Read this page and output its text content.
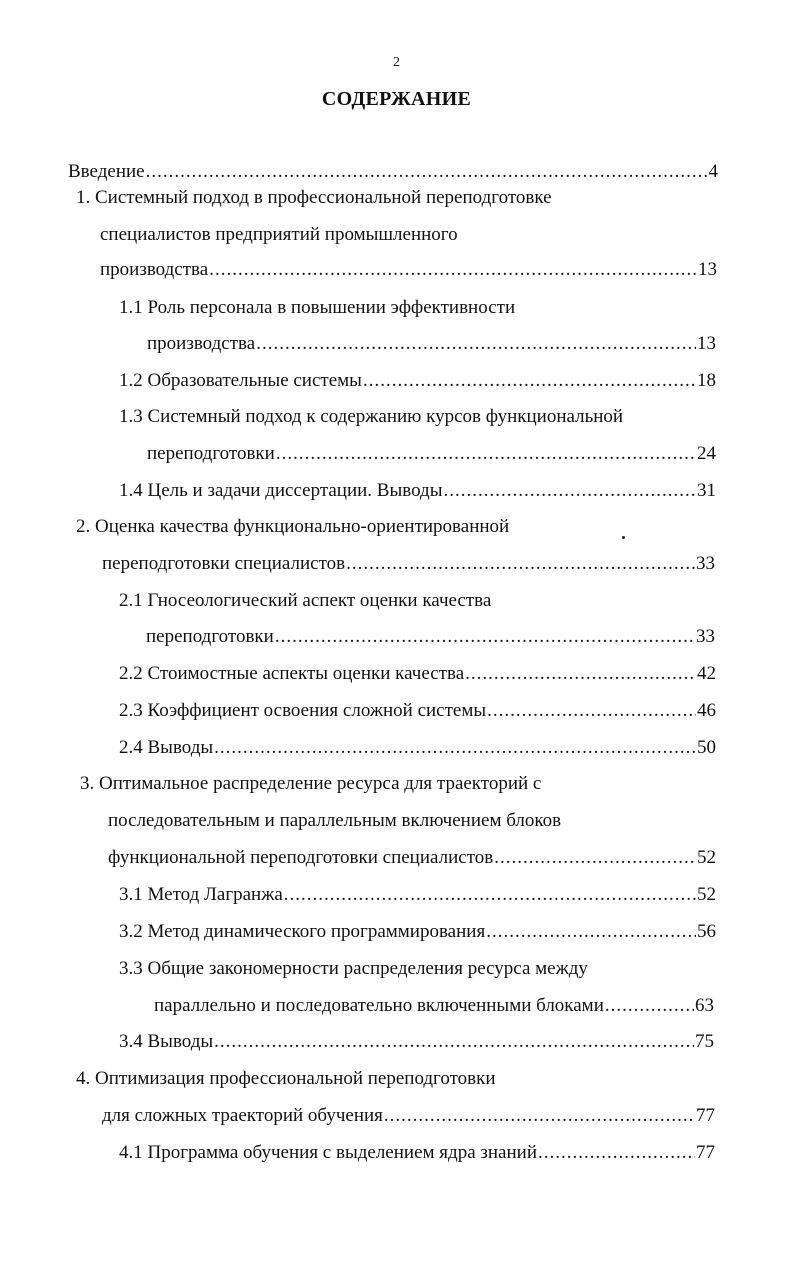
2
СОДЕРЖАНИЕ
Введение .....	4
1. Системный подход в профессиональной переподготовке
специалистов предприятий промышленного
производства .....	13
1.1 Роль персонала в повышении эффективности
производства .....	13
1.2 Образовательные системы .....	18
1.3 Системный подход к содержанию курсов функциональной
переподготовки .....	24
1.4 Цель и задачи диссертации. Выводы .....	31
2. Оценка качества функционально-ориентированной
переподготовки специалистов .....	33
2.1 Гносеологический аспект оценки качества
переподготовки .....	33
2.2 Стоимостные аспекты оценки качества .....	42
2.3 Коэффициент освоения сложной системы .....	46
2.4 Выводы .....	50
3. Оптимальное распределение ресурса для траекторий с
последовательным и параллельным включением блоков
функциональной переподготовки специалистов .....	52
3.1 Метод Лагранжа .....	52
3.2 Метод динамического программирования .....	56
3.3 Общие закономерности распределения ресурса между
параллельно и последовательно включенными блоками .....	63
3.4 Выводы .....	75
4. Оптимизация профессиональной переподготовки
для сложных траекторий обучения .....	77
4.1 Программа обучения с выделением ядра знаний .....	77
